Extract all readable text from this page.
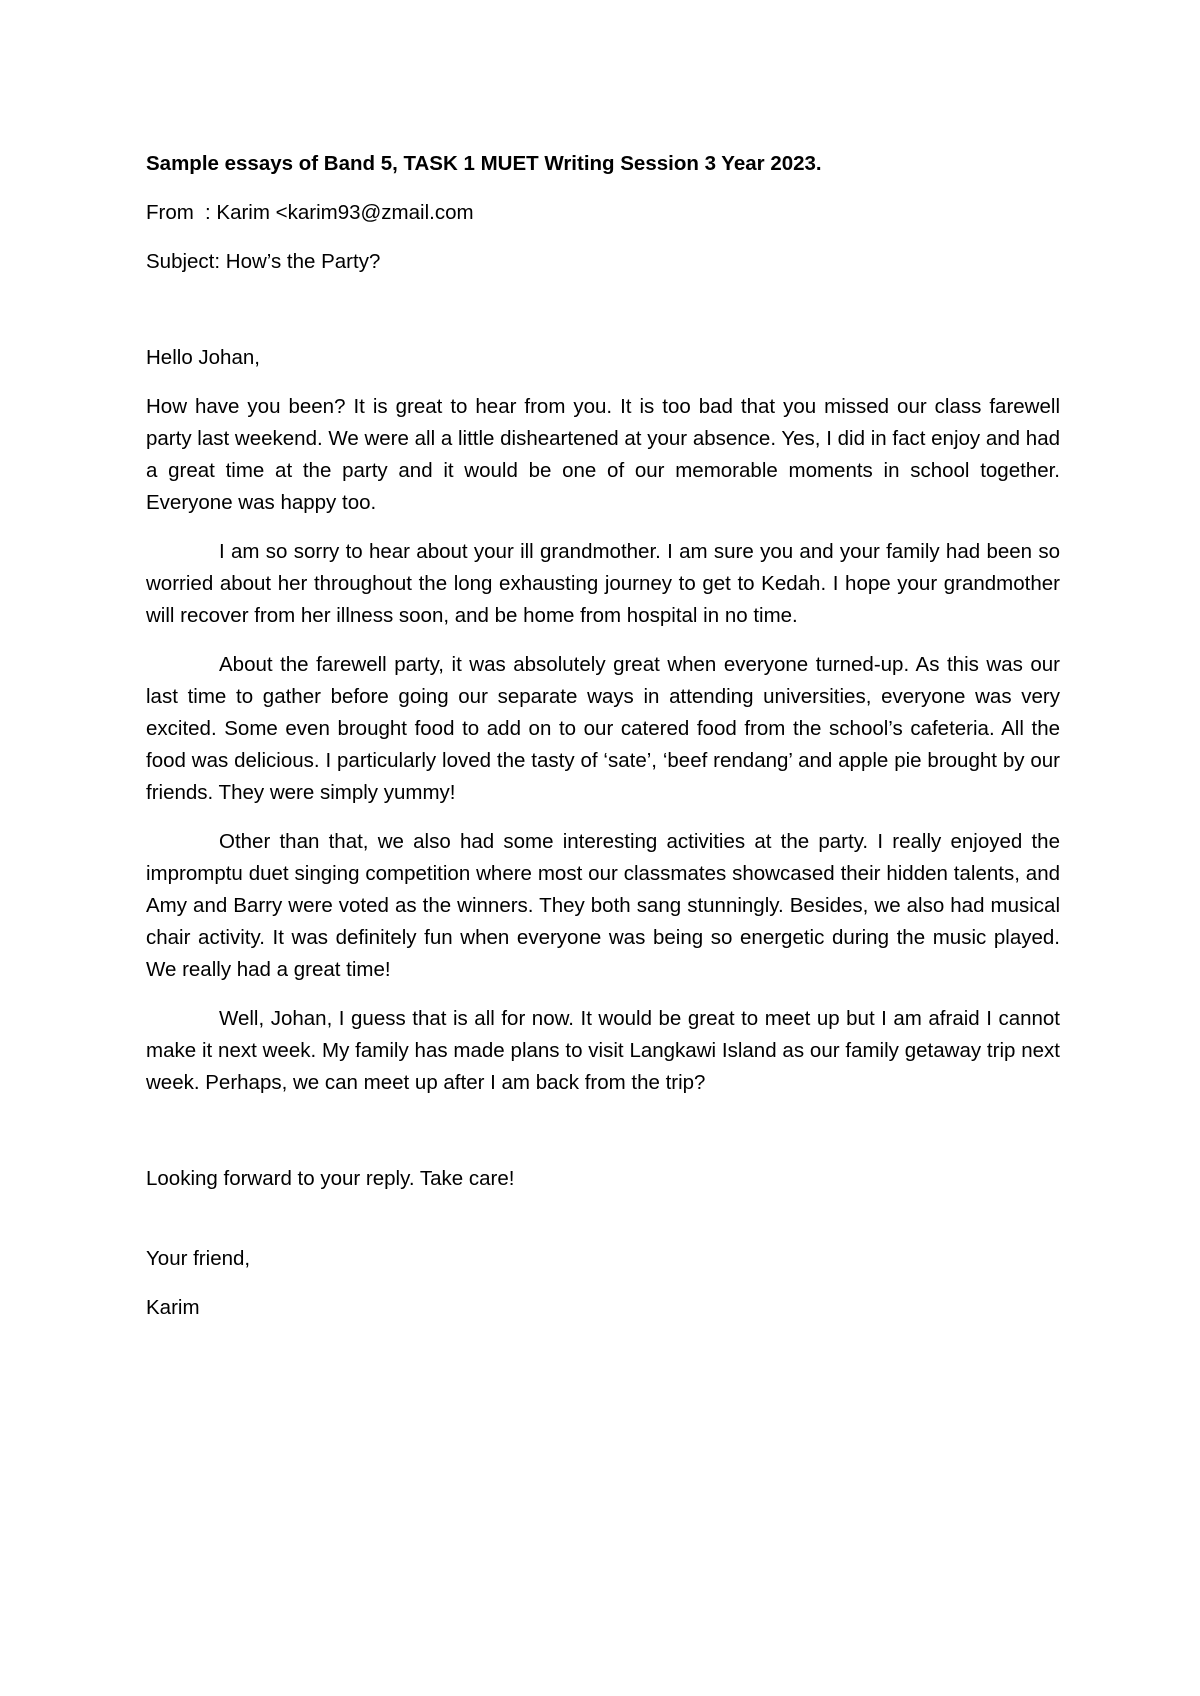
Sample essays of Band 5, TASK 1 MUET Writing Session 3 Year 2023.

From : Karim <karim93@zmail.com

Subject: How’s the Party?

Hello Johan,

How have you been? It is great to hear from you. It is too bad that you missed our class farewell party last weekend. We were all a little disheartened at your absence. Yes, I did in fact enjoy and had a great time at the party and it would be one of our memorable moments in school together. Everyone was happy too.

I am so sorry to hear about your ill grandmother. I am sure you and your family had been so worried about her throughout the long exhausting journey to get to Kedah. I hope your grandmother will recover from her illness soon, and be home from hospital in no time.

About the farewell party, it was absolutely great when everyone turned-up. As this was our last time to gather before going our separate ways in attending universities, everyone was very excited. Some even brought food to add on to our catered food from the school’s cafeteria. All the food was delicious. I particularly loved the tasty of ‘sate’, ‘beef rendang’ and apple pie brought by our friends. They were simply yummy!

Other than that, we also had some interesting activities at the party. I really enjoyed the impromptu duet singing competition where most our classmates showcased their hidden talents, and Amy and Barry were voted as the winners. They both sang stunningly. Besides, we also had musical chair activity. It was definitely fun when everyone was being so energetic during the music played. We really had a great time!

Well, Johan, I guess that is all for now. It would be great to meet up but I am afraid I cannot make it next week. My family has made plans to visit Langkawi Island as our family getaway trip next week. Perhaps, we can meet up after I am back from the trip?

Looking forward to your reply. Take care!

Your friend,

Karim
